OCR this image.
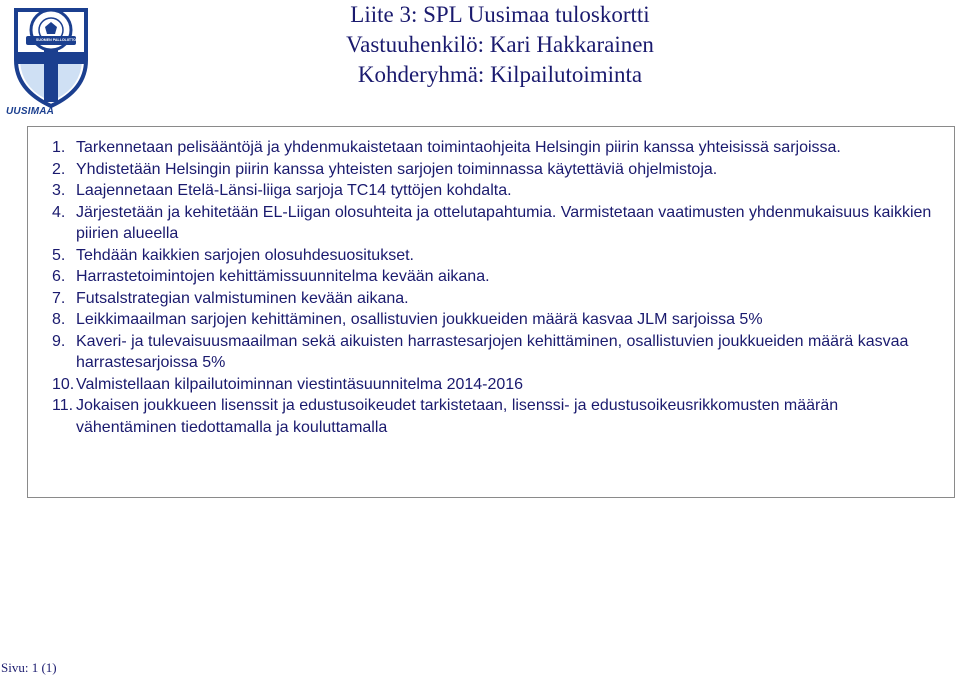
SUOMEN PALLOLIITTO
UUSIMAA
Liite 3: SPL Uusimaa tuloskortti
Vastuuhenkilö: Kari Hakkarainen
Kohderyhmä: Kilpailutoiminta
1. Tarkennetaan pelisääntöjä ja yhdenmukaistetaan toimintaohjeita Helsingin piirin kanssa yhteisissä sarjoissa.
2. Yhdistetään Helsingin piirin kanssa yhteisten sarjojen toiminnassa käytettäviä ohjelmistoja.
3. Laajennetaan Etelä-Länsi-liiga sarjoja TC14 tyttöjen kohdalta.
4. Järjestetään ja kehitetään EL-Liigan olosuhteita ja ottelutapahtumia. Varmistetaan vaatimusten yhdenmukaisuus kaikkien piirien alueella
5. Tehdään kaikkien sarjojen olosuhdesuositukset.
6. Harrastetoimintojen kehittämissuunnitelma kevään aikana.
7. Futsalstrategian valmistuminen kevään aikana.
8. Leikkimaailman sarjojen kehittäminen, osallistuvien joukkueiden määrä kasvaa JLM sarjoissa 5%
9. Kaveri- ja tulevaisuusmaailman sekä aikuisten harrastesarjojen kehittäminen, osallistuvien joukkueiden määrä kasvaa harrastesarjoissa 5%
10. Valmistellaan kilpailutoiminnan viestintäsuunnitelma 2014-2016
11. Jokaisen joukkueen lisenssit ja edustusoikeudet tarkistetaan, lisenssi- ja edustusoikeusrikkomusten määrän vähentäminen tiedottamalla ja kouluttamalla
Sivu: 1 (1)
